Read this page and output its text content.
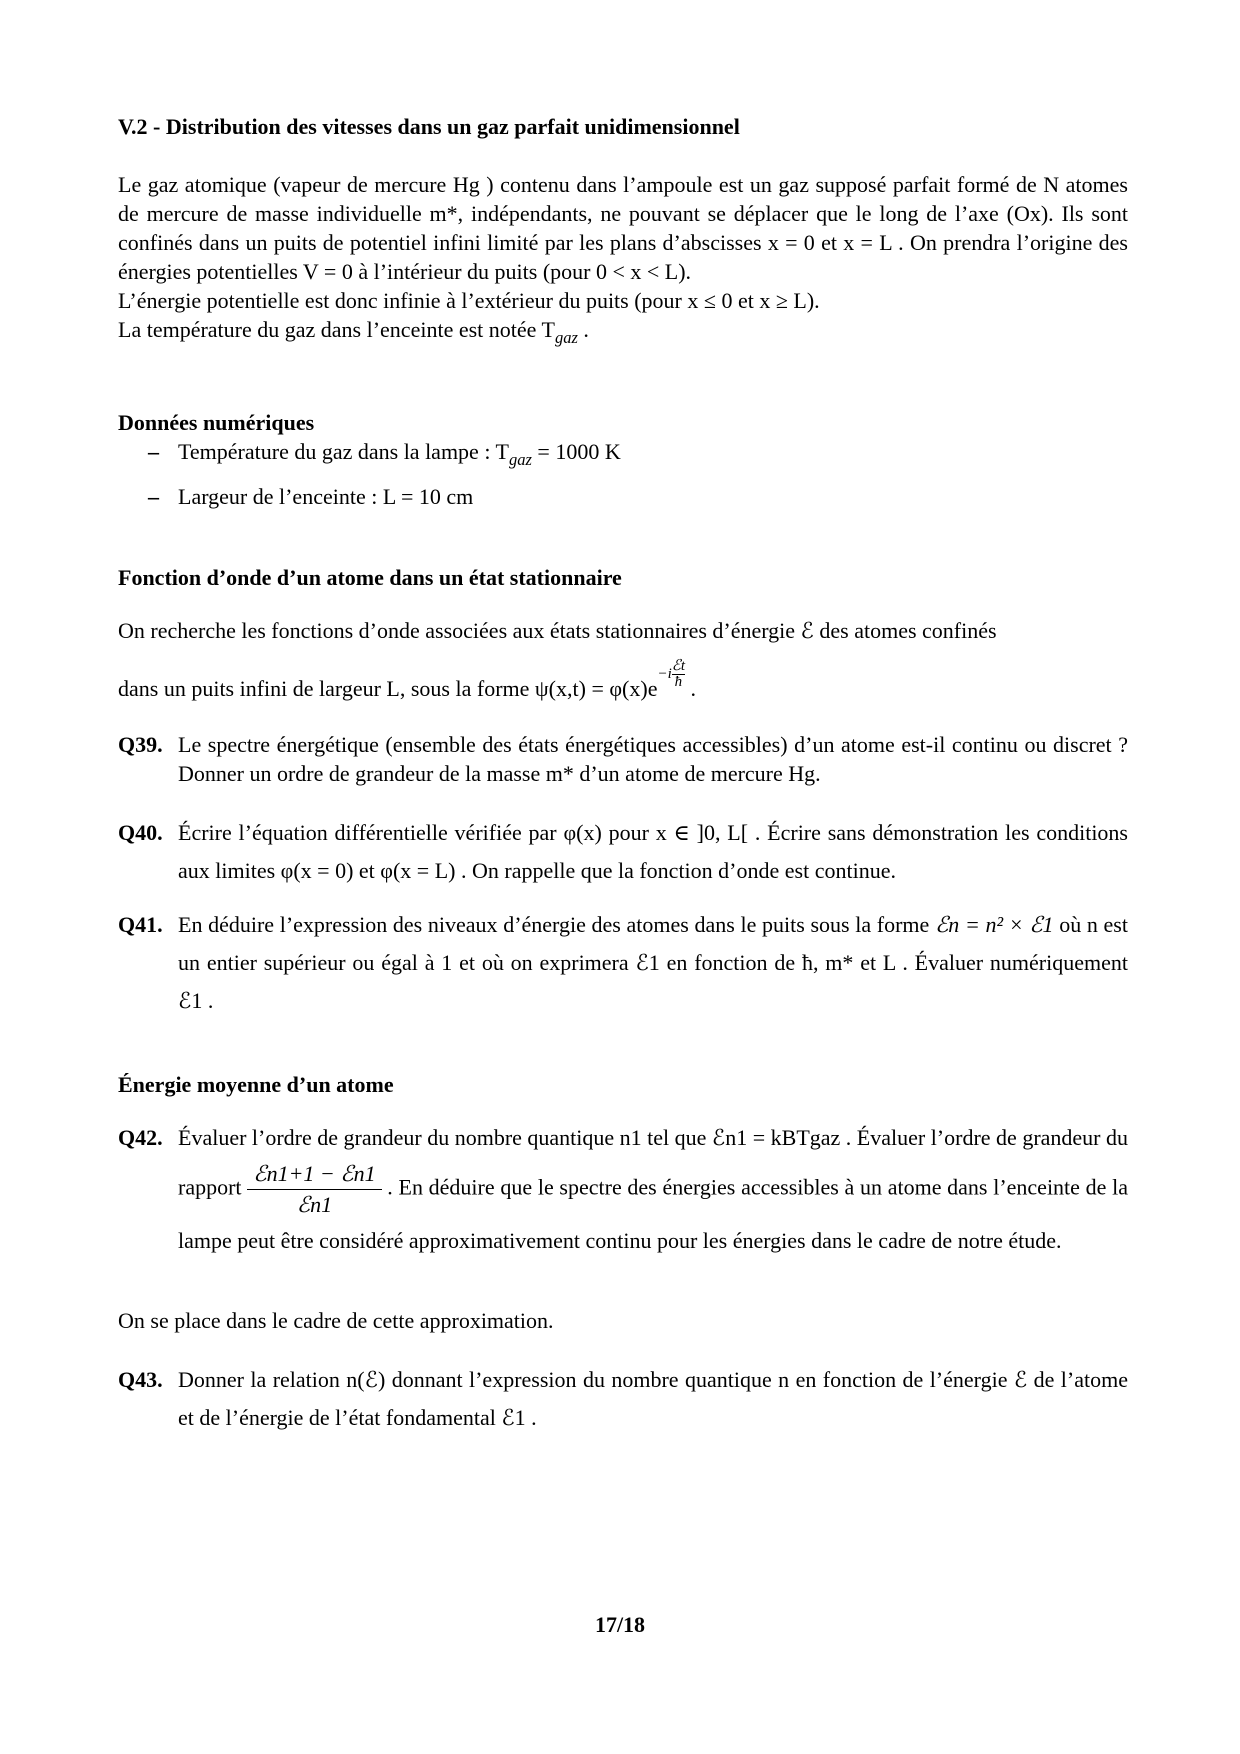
V.2 - Distribution des vitesses dans un gaz parfait unidimensionnel

Le gaz atomique (vapeur de mercure Hg ) contenu dans l’ampoule est un gaz supposé parfait formé de N atomes de mercure de masse individuelle m*, indépendants, ne pouvant se déplacer que le long de l’axe (Ox). Ils sont confinés dans un puits de potentiel infini limité par les plans d’abscisses x = 0 et x = L . On prendra l’origine des énergies potentielles V = 0 à l’intérieur du puits (pour 0 < x < L).

L’énergie potentielle est donc infinie à l’extérieur du puits (pour x ≤ 0 et x ≥ L).

La température du gaz dans l’enceinte est notée $T_{gaz}$ .

Données numériques

– Température du gaz dans la lampe : $T_{gaz} = 1000$ K
– Largeur de l’enceinte : L = 10 cm

Fonction d’onde d’un atome dans un état stationnaire

On recherche les fonctions d’onde associées aux états stationnaires d’énergie ℰ des atomes confinés

dans un puits infini de largeur L, sous la forme ψ(x,t) = φ(x)e−i ℰt
ħ .

Q39. Le spectre énergétique (ensemble des états énergétiques accessibles) d’un atome est-il continu ou discret ? Donner un ordre de grandeur de la masse m* d’un atome de mercure Hg.
Q40. Écrire l’équation différentielle vérifiée par φ(x) pour x ∈ ]0, L[ . Écrire sans démonstration les conditions aux limites φ(x = 0) et φ(x = L) . On rappelle que la fonction d’onde est continue.
Q41. En déduire l’expression des niveaux d’énergie des atomes dans le puits sous la forme ℰn = n² × ℰ1 où n est un entier supérieur ou égal à 1 et où on exprimera ℰ1 en fonction de ħ, m* et L . Évaluer numériquement ℰ1 .

Énergie moyenne d’un atome

Q42. Évaluer l’ordre de grandeur du nombre quantique n1 tel que ℰn1 = kBTgaz . Évaluer l’ordre de grandeur du rapport $\frac{\text{ℰn1+1 − ℰn1}}{\text{ℰn1}}$ . En déduire que le spectre des énergies accessibles à un atome dans l’enceinte de la lampe peut être considéré approximativement continu pour les énergies dans le cadre de notre étude.

On se place dans le cadre de cette approximation.

Q43. Donner la relation n(ℰ) donnant l’expression du nombre quantique n en fonction de l’énergie ℰ de l’atome et de l’énergie de l’état fondamental ℰ1 .
17/18
